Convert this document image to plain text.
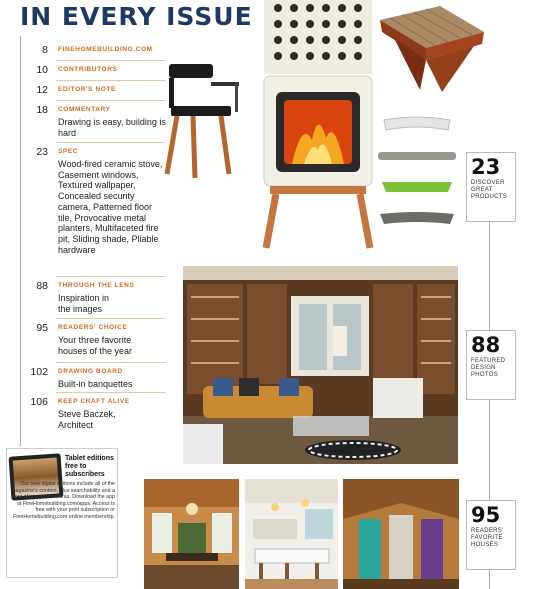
IN EVERY ISSUE
8 FINEHOMEBUILDING.COM
10 CONTRIBUTORS
12 EDITOR'S NOTE
18 COMMENTARY
Drawing is easy, building is hard
23 SPEC
Wood-fired ceramic stove, Casement windows, Textured wallpaper, Concealed security camera, Patterned floor tile, Provocative metal planters, Multifaceted fire pit, Sliding shade, Pliable hardware
88 THROUGH THE LENS
Inspiration in the images
95 READERS' CHOICE
Your three favorite houses of the year
102 DRAWING BOARD
Built-in banquettes
106 KEEP CRAFT ALIVE
Steve Baczek, Architect
23
DISCOVER GREAT PRODUCTS
88
FEATURED DESIGN PHOTOS
95
READERS' FAVORITE HOUSES
Tablet editions free to subscribers
Our new digital editions include all of the magazine's content, plus searchability and a host of interactive extras. Download the app at FineHomebuilding.com/apps. Access is free with your print subscription or FineHomebuilding.com online membership.
